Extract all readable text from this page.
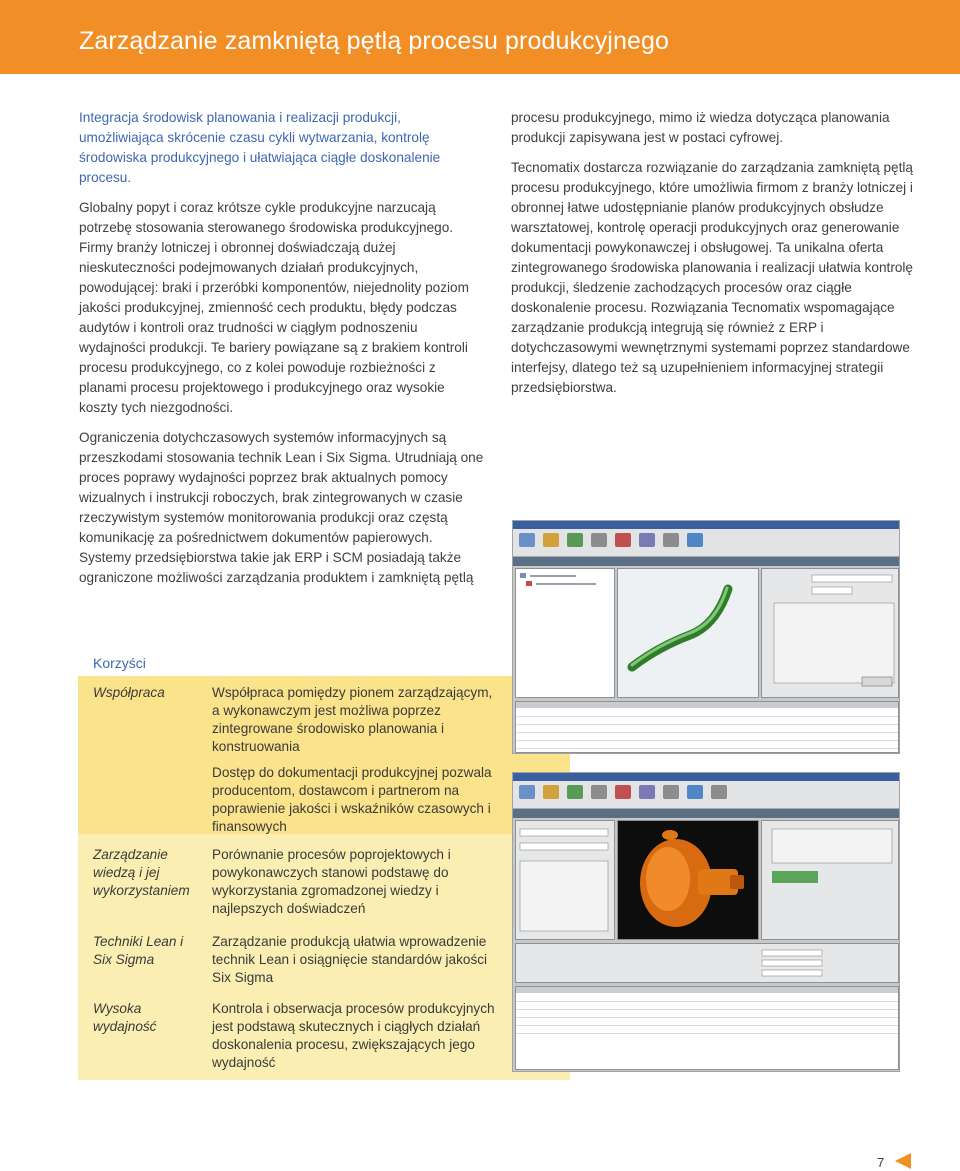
Zarządzanie zamkniętą pętlą procesu produkcyjnego

Integracja środowisk planowania i realizacji produkcji, umożliwiająca skrócenie czasu cykli wytwarzania, kontrolę środowiska produkcyjnego i ułatwiająca ciągłe doskonalenie procesu.

Globalny popyt i coraz krótsze cykle produkcyjne narzucają potrzebę stosowania sterowanego środowiska produkcyjnego. Firmy branży lotniczej i obronnej doświadczają dużej nieskuteczności podejmowanych działań produkcyjnych, powodującej: braki i przeróbki komponentów, niejednolity poziom jakości produkcyjnej, zmienność cech produktu, błędy podczas audytów i kontroli oraz trudności w ciągłym podnoszeniu wydajności produkcji. Te bariery powiązane są z brakiem kontroli procesu produkcyjnego, co z kolei powoduje rozbieżności z planami procesu projektowego i produkcyjnego oraz wysokie koszty tych niezgodności.

Ograniczenia dotychczasowych systemów informacyjnych są przeszkodami stosowania technik Lean i Six Sigma. Utrudniają one proces poprawy wydajności poprzez brak aktualnych pomocy wizualnych i instrukcji roboczych, brak zintegrowanych w czasie rzeczywistym systemów monitorowania produkcji oraz częstą komunikację za pośrednictwem dokumentów papierowych. Systemy przedsiębiorstwa takie jak ERP i SCM posiadają także ograniczone możliwości zarządzania produktem i zamkniętą pętlą

procesu produkcyjnego, mimo iż wiedza dotycząca planowania produkcji zapisywana jest w postaci cyfrowej.

Tecnomatix dostarcza rozwiązanie do zarządzania zamkniętą pętlą procesu produkcyjnego, które umożliwia firmom z branży lotniczej i obronnej łatwe udostępnianie planów produkcyjnych obsłudze warsztatowej, kontrolę operacji produkcyjnych oraz generowanie dokumentacji powykonawczej i obsługowej. Ta unikalna oferta zintegrowanego środowiska planowania i realizacji ułatwia kontrolę produkcji, śledzenie zachodzących procesów oraz ciągłe doskonalenie procesu. Rozwiązania Tecnomatix wspomagające zarządzanie produkcją integrują się również z ERP i dotychczasowymi wewnętrznymi systemami poprzez standardowe interfejsy, dlatego też są uzupełnieniem informacyjnej strategii przedsiębiorstwa.

Korzyści
Współpraca	Współpraca pomiędzy pionem zarządzającym, a wykonawczym jest możliwa poprzez zintegrowane środowisko planowania i konstruowania

Dostęp do dokumentacji produkcyjnej pozwala producentom, dostawcom i partnerom na poprawienie jakości i wskaźników czasowych i finansowych

Zarządzanie wiedzą i jej wykorzystaniem

Porównanie procesów poprojektowych i powykonawczych stanowi podstawę do wykorzystania zgromadzonej wiedzy i najlepszych doświadczeń

Techniki Lean i Six Sigma

Zarządzanie produkcją ułatwia wprowadzenie technik Lean i osiągnięcie standardów jakości Six Sigma

Wysoka wydajność

Kontrola i obserwacja procesów produkcyjnych jest podstawą skutecznych i ciągłych działań doskonalenia procesu, zwiększających jego wydajność

7
